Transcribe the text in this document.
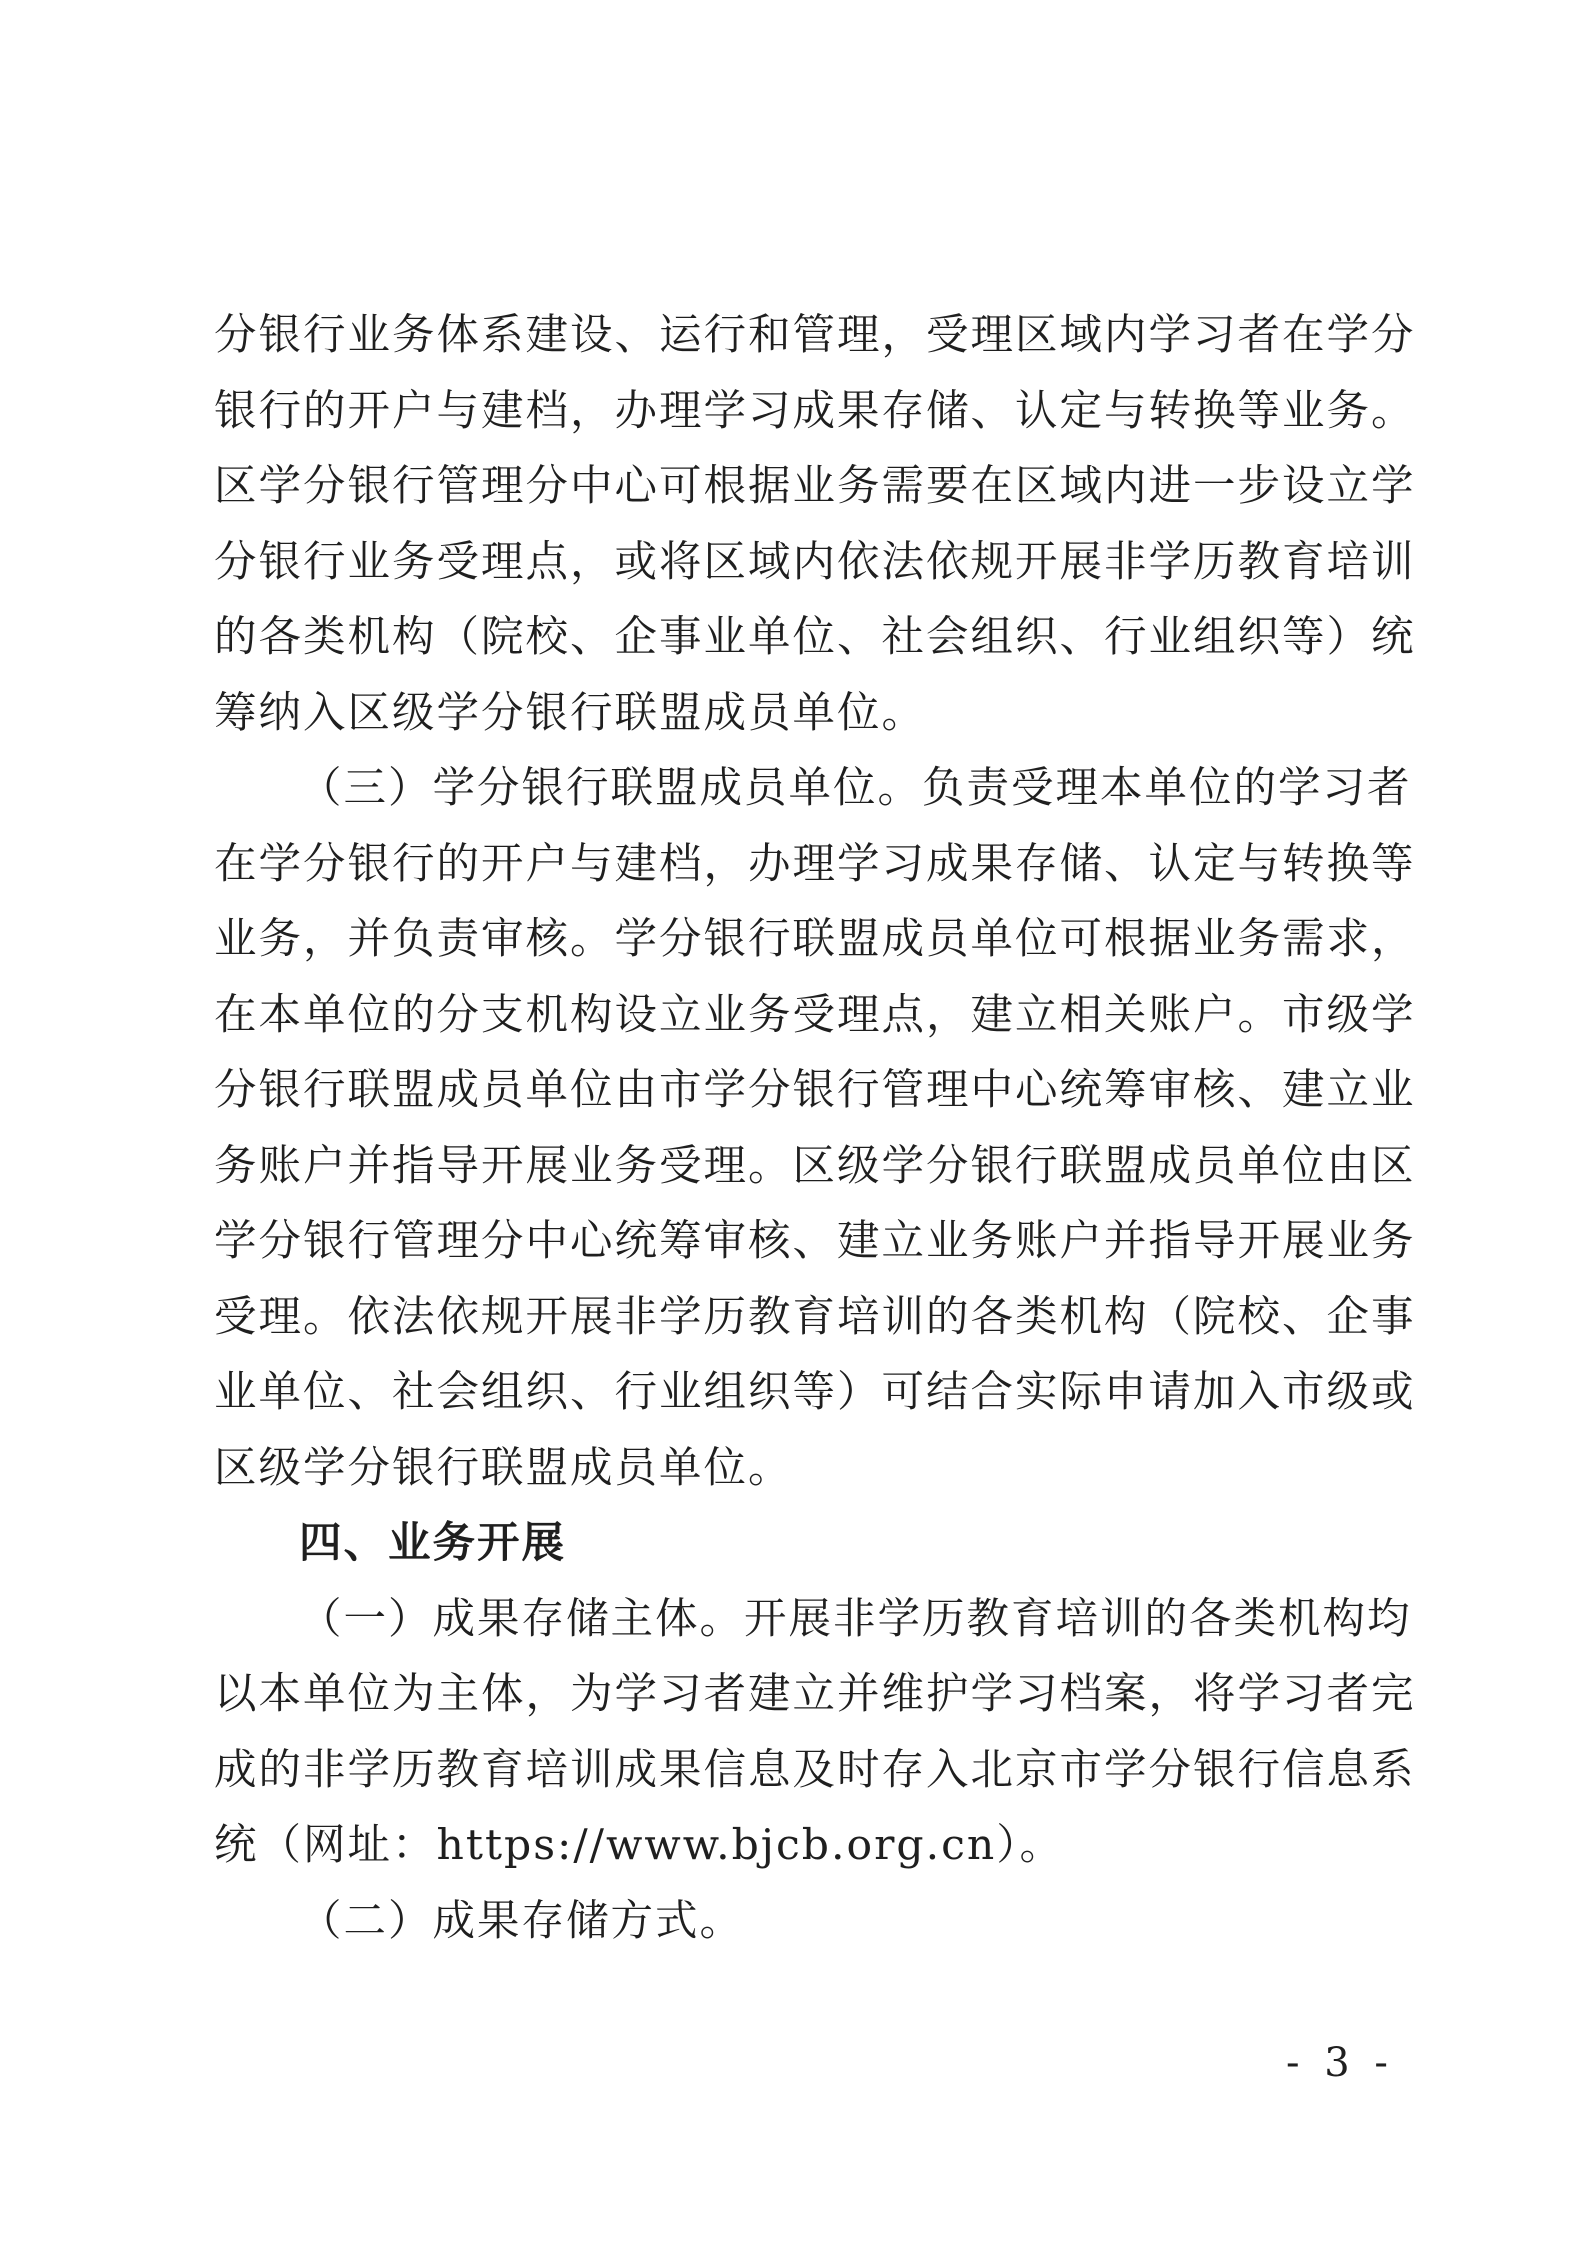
分银行业务体系建设、运行和管理，受理区域内学习者在学分
银行的开户与建档，办理学习成果存储、认定与转换等业务。
区学分银行管理分中心可根据业务需要在区域内进一步设立学
分银行业务受理点，或将区域内依法依规开展非学历教育培训
的各类机构（院校、企事业单位、社会组织、行业组织等）统
筹纳入区级学分银行联盟成员单位。
（三）学分银行联盟成员单位。负责受理本单位的学习者
在学分银行的开户与建档，办理学习成果存储、认定与转换等
业务，并负责审核。学分银行联盟成员单位可根据业务需求，
在本单位的分支机构设立业务受理点，建立相关账户。市级学
分银行联盟成员单位由市学分银行管理中心统筹审核、建立业
务账户并指导开展业务受理。区级学分银行联盟成员单位由区
学分银行管理分中心统筹审核、建立业务账户并指导开展业务
受理。依法依规开展非学历教育培训的各类机构（院校、企事
业单位、社会组织、行业组织等）可结合实际申请加入市级或
区级学分银行联盟成员单位。
四、业务开展
（一）成果存储主体。开展非学历教育培训的各类机构均
以本单位为主体，为学习者建立并维护学习档案，将学习者完
成的非学历教育培训成果信息及时存入北京市学分银行信息系
统（网址：https://www.bjcb.org.cn）。
（二）成果存储方式。
- 3 -
